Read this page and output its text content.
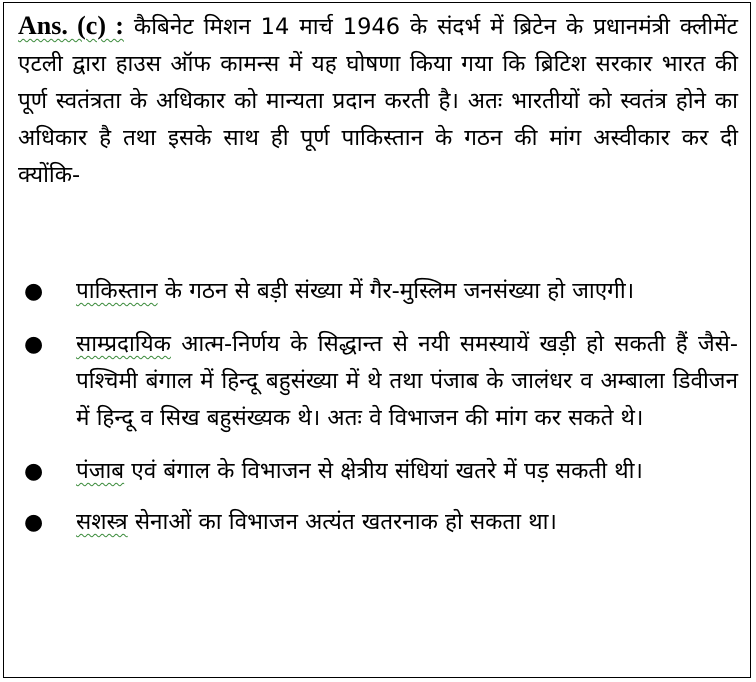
Ans. (c) : कैबिनेट मिशन 14 मार्च 1946 के संदर्भ में ब्रिटेन के प्रधानमंत्री क्लीमेंट एटली द्वारा हाउस ऑफ कामन्स में यह घोषणा किया गया कि ब्रिटिश सरकार भारत की पूर्ण स्वतंत्रता के अधिकार को मान्यता प्रदान करती है। अतः भारतीयों को स्वतंत्र होने का अधिकार है तथा इसके साथ ही पूर्ण पाकिस्तान के गठन की मांग अस्वीकार कर दी क्योंकि-

● पाकिस्तान के गठन से बड़ी संख्या में गैर-मुस्लिम जनसंख्या हो जाएगी।
● साम्प्रदायिक आत्म-निर्णय के सिद्धान्त से नयी समस्यायें खड़ी हो सकती हैं जैसे- पश्चिमी बंगाल में हिन्दू बहुसंख्या में थे तथा पंजाब के जालंधर व अम्बाला डिवीजन में हिन्दू व सिख बहुसंख्यक थे। अतः वे विभाजन की मांग कर सकते थे।
● पंजाब एवं बंगाल के विभाजन से क्षेत्रीय संधियां खतरे में पड़ सकती थी।
● सशस्त्र सेनाओं का विभाजन अत्यंत खतरनाक हो सकता था।
